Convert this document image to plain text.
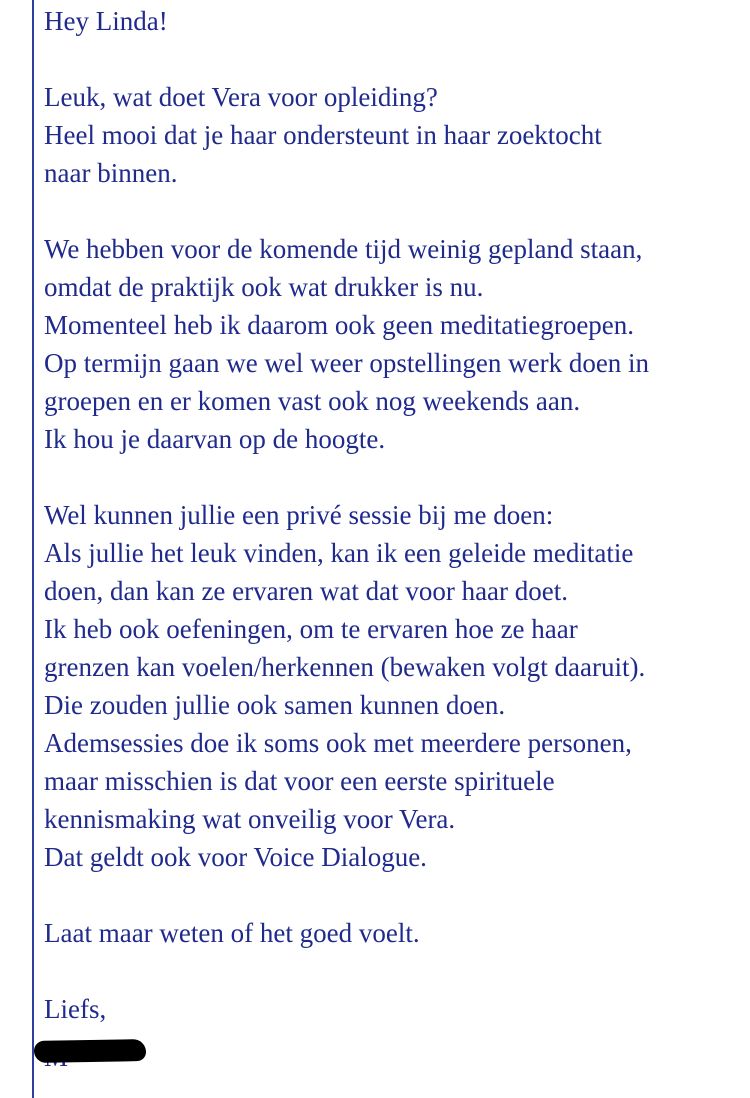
Hey Linda!
Leuk, wat doet Vera voor opleiding?
Heel mooi dat je haar ondersteunt in haar zoektocht
naar binnen.
We hebben voor de komende tijd weinig gepland staan,
omdat de praktijk ook wat drukker is nu.
Momenteel heb ik daarom ook geen meditatiegroepen.
Op termijn gaan we wel weer opstellingen werk doen in
groepen en er komen vast ook nog weekends aan.
Ik hou je daarvan op de hoogte.
Wel kunnen jullie een privé sessie bij me doen:
Als jullie het leuk vinden, kan ik een geleide meditatie
doen, dan kan ze ervaren wat dat voor haar doet.
Ik heb ook oefeningen, om te ervaren hoe ze haar
grenzen kan voelen/herkennen (bewaken volgt daaruit).
Die zouden jullie ook samen kunnen doen.
Ademsessies doe ik soms ook met meerdere personen,
maar misschien is dat voor een eerste spirituele
kennismaking wat onveilig voor Vera.
Dat geldt ook voor Voice Dialogue.
Laat maar weten of het goed voelt.
Liefs,
